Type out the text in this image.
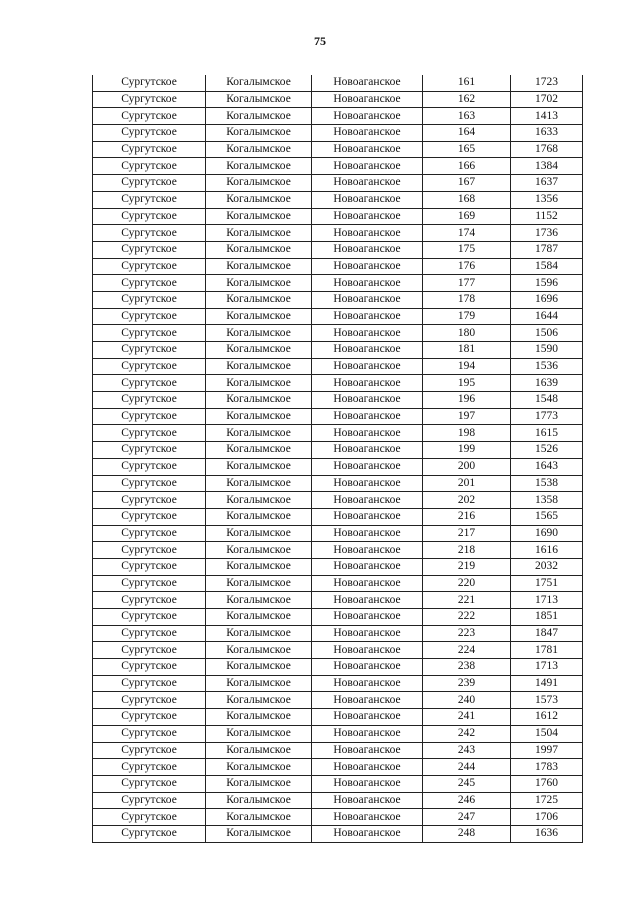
75
Сургутское	Когалымское	Новоаганское	161	1723
Сургутское	Когалымское	Новоаганское	162	1702
Сургутское	Когалымское	Новоаганское	163	1413
Сургутское	Когалымское	Новоаганское	164	1633
Сургутское	Когалымское	Новоаганское	165	1768
Сургутское	Когалымское	Новоаганское	166	1384
Сургутское	Когалымское	Новоаганское	167	1637
Сургутское	Когалымское	Новоаганское	168	1356
Сургутское	Когалымское	Новоаганское	169	1152
Сургутское	Когалымское	Новоаганское	174	1736
Сургутское	Когалымское	Новоаганское	175	1787
Сургутское	Когалымское	Новоаганское	176	1584
Сургутское	Когалымское	Новоаганское	177	1596
Сургутское	Когалымское	Новоаганское	178	1696
Сургутское	Когалымское	Новоаганское	179	1644
Сургутское	Когалымское	Новоаганское	180	1506
Сургутское	Когалымское	Новоаганское	181	1590
Сургутское	Когалымское	Новоаганское	194	1536
Сургутское	Когалымское	Новоаганское	195	1639
Сургутское	Когалымское	Новоаганское	196	1548
Сургутское	Когалымское	Новоаганское	197	1773
Сургутское	Когалымское	Новоаганское	198	1615
Сургутское	Когалымское	Новоаганское	199	1526
Сургутское	Когалымское	Новоаганское	200	1643
Сургутское	Когалымское	Новоаганское	201	1538
Сургутское	Когалымское	Новоаганское	202	1358
Сургутское	Когалымское	Новоаганское	216	1565
Сургутское	Когалымское	Новоаганское	217	1690
Сургутское	Когалымское	Новоаганское	218	1616
Сургутское	Когалымское	Новоаганское	219	2032
Сургутское	Когалымское	Новоаганское	220	1751
Сургутское	Когалымское	Новоаганское	221	1713
Сургутское	Когалымское	Новоаганское	222	1851
Сургутское	Когалымское	Новоаганское	223	1847
Сургутское	Когалымское	Новоаганское	224	1781
Сургутское	Когалымское	Новоаганское	238	1713
Сургутское	Когалымское	Новоаганское	239	1491
Сургутское	Когалымское	Новоаганское	240	1573
Сургутское	Когалымское	Новоаганское	241	1612
Сургутское	Когалымское	Новоаганское	242	1504
Сургутское	Когалымское	Новоаганское	243	1997
Сургутское	Когалымское	Новоаганское	244	1783
Сургутское	Когалымское	Новоаганское	245	1760
Сургутское	Когалымское	Новоаганское	246	1725
Сургутское	Когалымское	Новоаганское	247	1706
Сургутское	Когалымское	Новоаганское	248	1636
